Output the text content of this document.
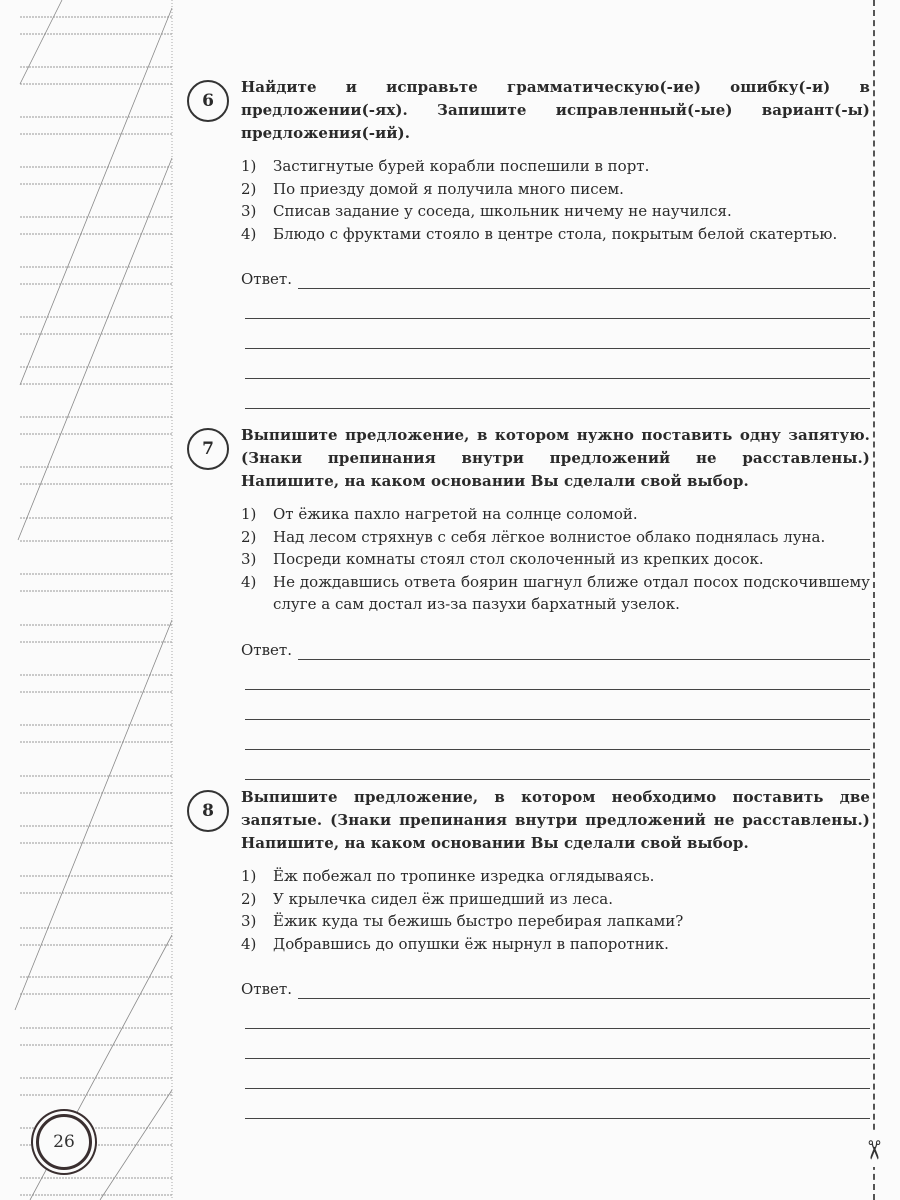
✂
6
Найдите и исправьте грамматическую(-ие) ошибку(-и) в предложении(-ях). Запишите исправленный(-ые) вариант(-ы) предложения(-ий).
1)	Застигнутые бурей корабли поспешили в порт.
2)	По приезду домой я получила много писем.
3)	Списав задание у соседа, школьник ничему не научился.
4)	Блюдо с фруктами стояло в центре стола, покрытым белой скатертью.
Ответ.
7
Выпишите предложение, в котором нужно поставить одну запятую. (Знаки препинания внутри предложений не расставлены.) Напишите, на каком основании Вы сделали свой выбор.
1)	От ёжика пахло нагретой на солнце соломой.
2)	Над лесом стряхнув с себя лёгкое волнистое облако поднялась луна.
3)	Посреди комнаты стоял стол сколоченный из крепких досок.
4)	Не дождавшись ответа боярин шагнул ближе отдал посох подскочившему слуге а сам достал из-за пазухи бархатный узелок.
Ответ.
8
Выпишите предложение, в котором необходимо поставить две запятые. (Знаки препинания внутри предложений не расставлены.) Напишите, на каком основании Вы сделали свой выбор.
1)	Ёж побежал по тропинке изредка оглядываясь.
2)	У крылечка сидел ёж пришедший из леса.
3)	Ёжик куда ты бежишь быстро перебирая лапками?
4)	Добравшись до опушки ёж нырнул в папоротник.
Ответ.
26
